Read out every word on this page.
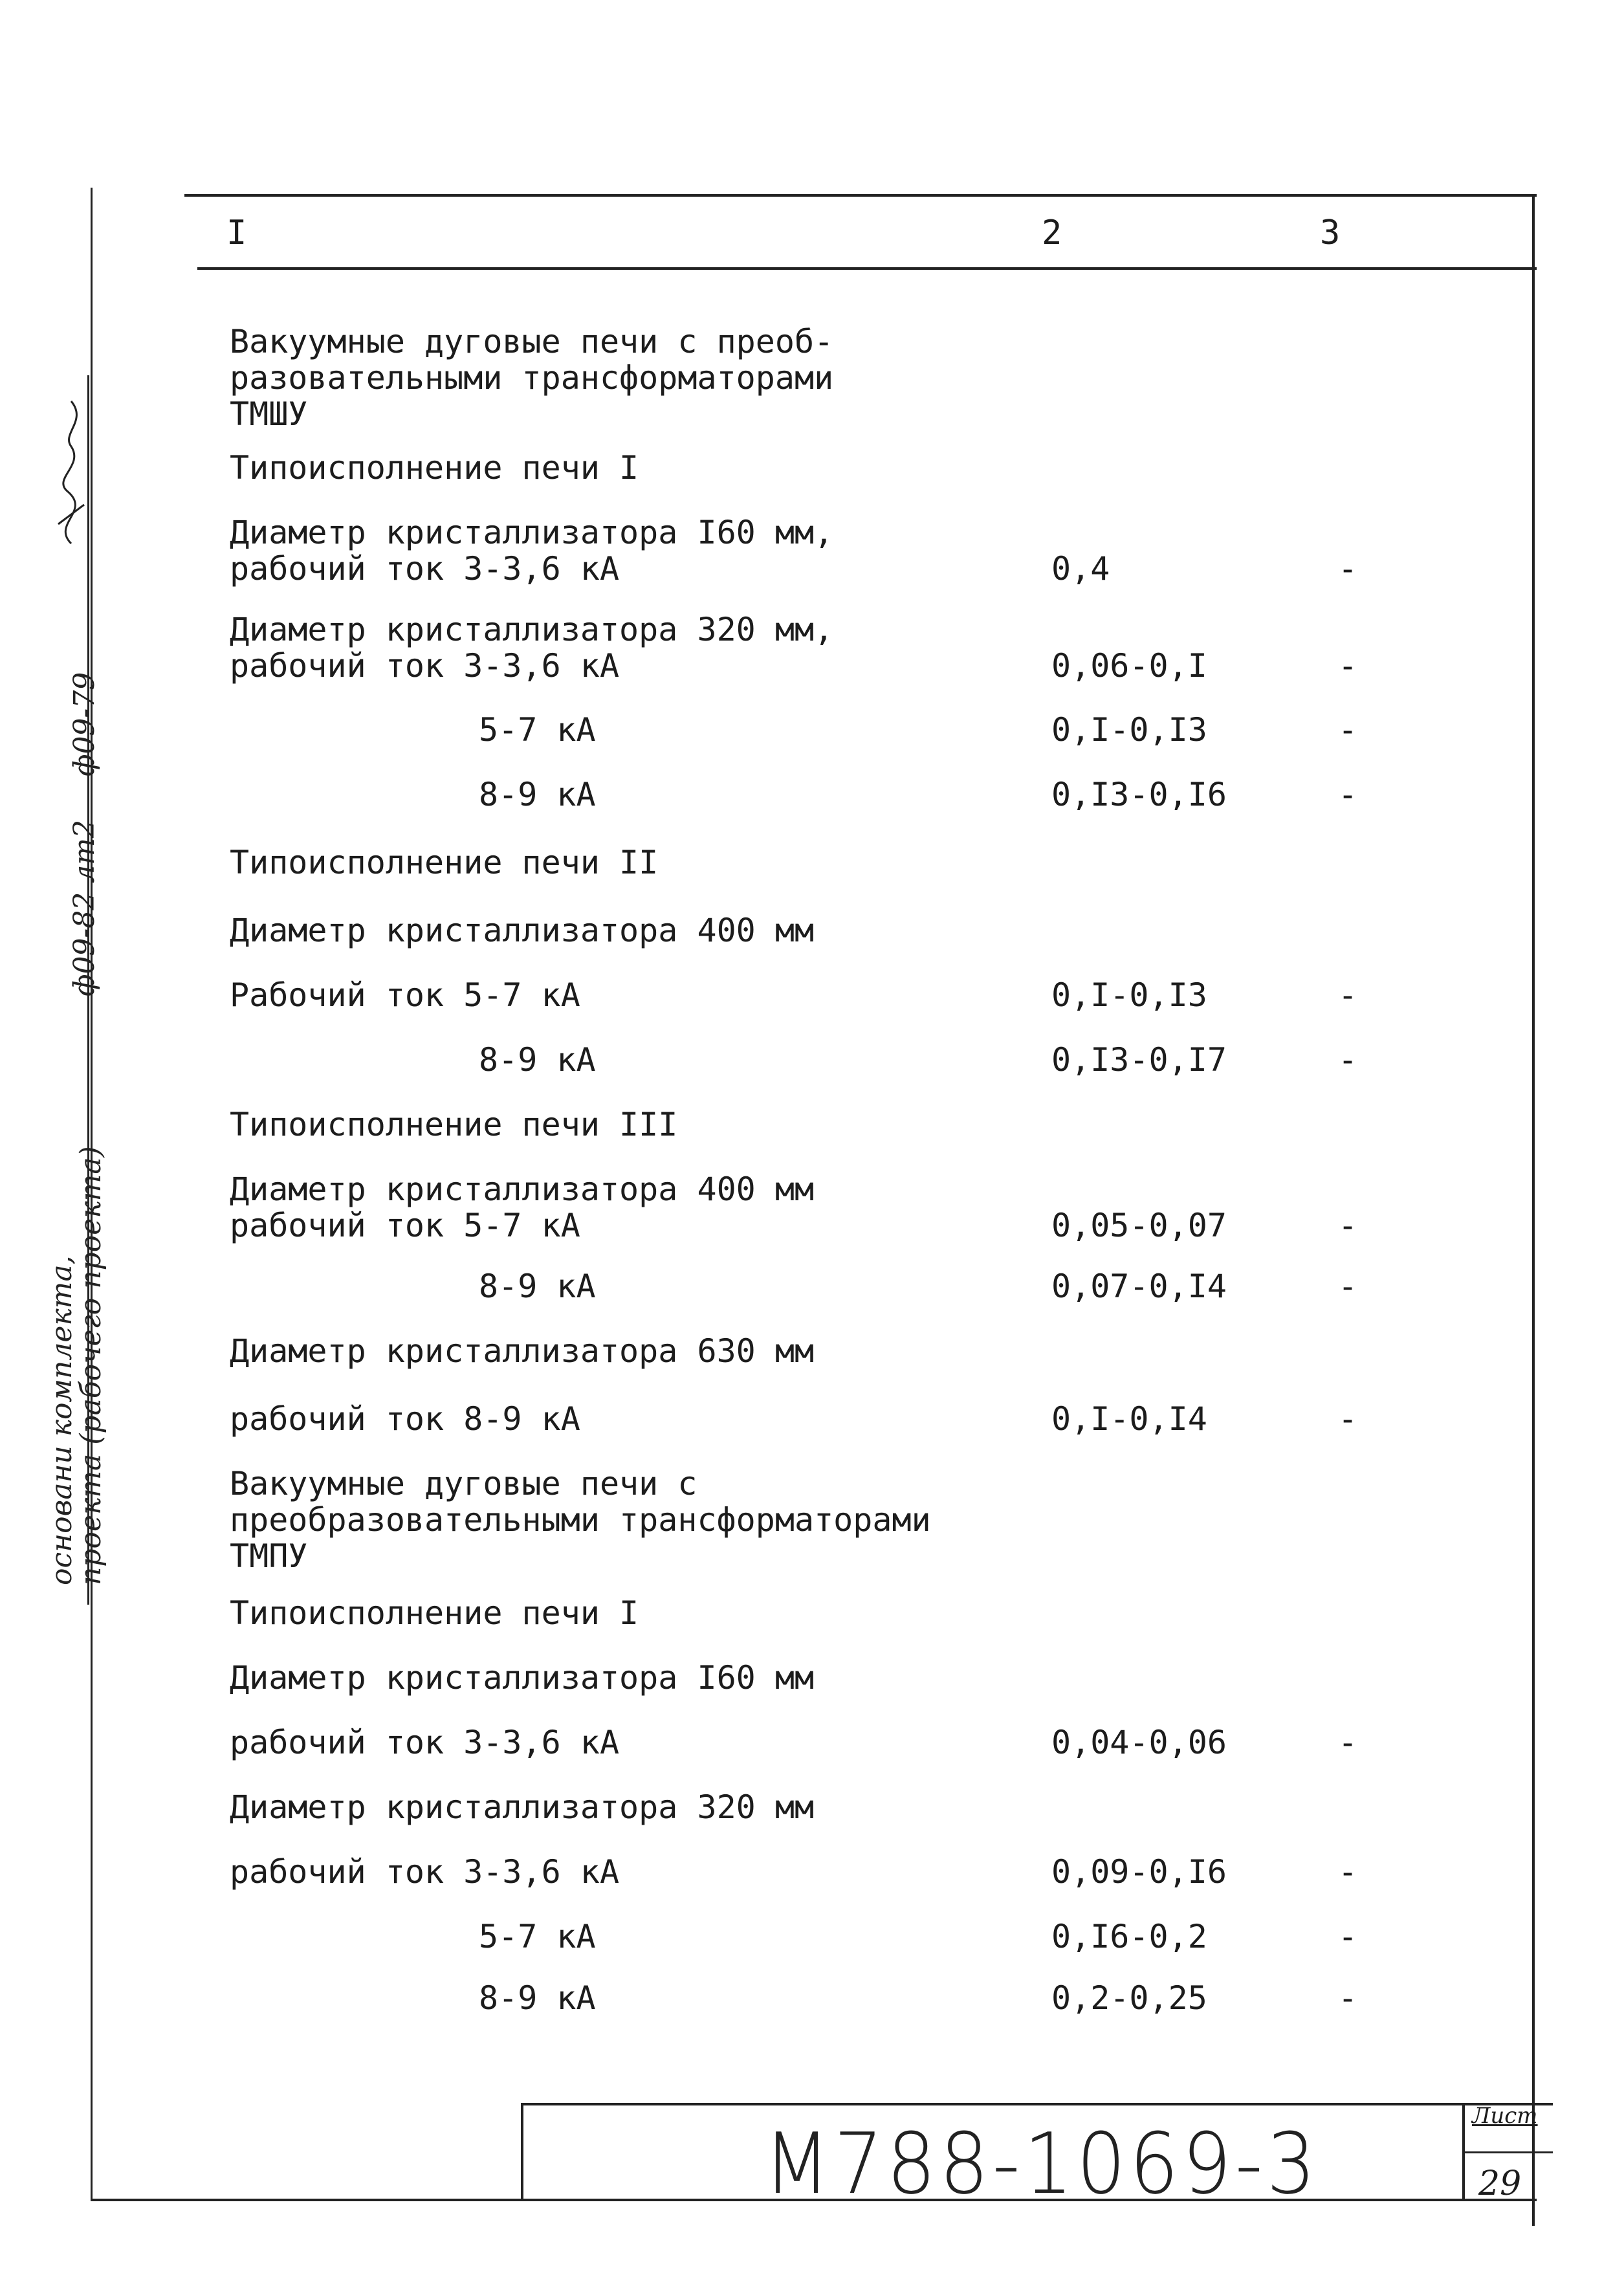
I	2	3
Вакуумные дуговые печи с преоб-
разовательными трансформаторами
ТМШУ
Типоисполнение печи I
Диаметр кристаллизатора I60 мм,
рабочий ток 3-3,6 кА	0,4	-
Диаметр кристаллизатора 320 мм,
рабочий ток 3-3,6 кА	0,06-0,I	-
5-7 кА	0,I-0,I3	-
8-9 кА	0,I3-0,I6	-
Типоисполнение печи II
Диаметр кристаллизатора 400 мм
Рабочий ток 5-7 кА	0,I-0,I3	-
8-9 кА	0,I3-0,I7	-
Типоисполнение печи III
Диаметр кристаллизатора 400 мм
рабочий ток 5-7 кА	0,05-0,07	-
8-9 кА	0,07-0,I4	-
Диаметр кристаллизатора 630 мм
рабочий ток 8-9 кА	0,I-0,I4	-
Вакуумные дуговые печи с
преобразовательными трансформаторами
ТМПУ
Типоисполнение печи I
Диаметр кристаллизатора I60 мм
рабочий ток 3-3,6 кА	0,04-0,06	-
Диаметр кристаллизатора 320 мм
рабочий ток 3-3,6 кА	0,09-0,I6	-
5-7 кА	0,I6-0,2	-
8-9 кА	0,2-0,25	-
основани комплекта,
проекта (рабочего проекта)
ф09-82 лт2
ф09-79
М788-1069-3	Лист
29
